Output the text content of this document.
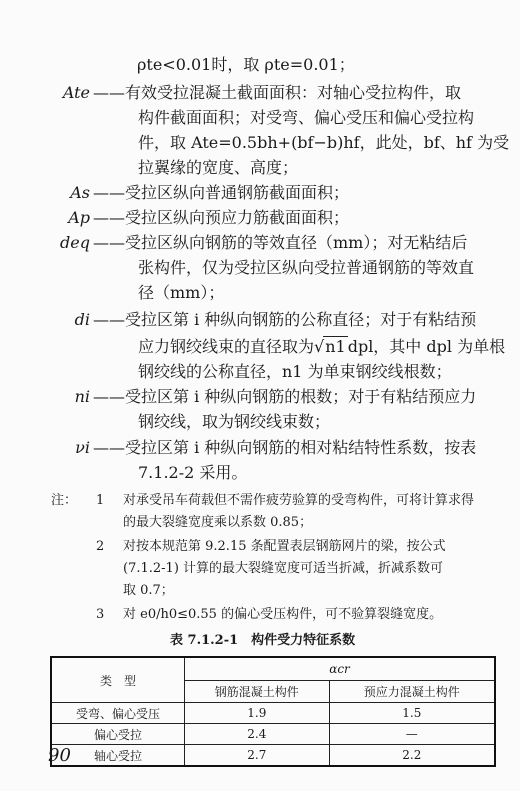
ρte<0.01时，取 ρte=0.01；
Ate ——有效受拉混凝土截面面积：对轴心受拉构件，取
构件截面面积；对受弯、偏心受压和偏心受拉构
件，取 Ate=0.5bh+(bf−b)hf，此处，bf、hf 为受
拉翼缘的宽度、高度；
As ——受拉区纵向普通钢筋截面面积；
Ap ——受拉区纵向预应力筋截面面积；
deq ——受拉区纵向钢筋的等效直径（mm）；对无粘结后
张构件，仅为受拉区纵向受拉普通钢筋的等效直
径（mm）；
di ——受拉区第 i 种纵向钢筋的公称直径；对于有粘结预
应力钢绞线束的直径取为√n1 dpl，其中 dpl 为单根
钢绞线的公称直径，n1 为单束钢绞线根数；
ni ——受拉区第 i 种纵向钢筋的根数；对于有粘结预应力
钢绞线，取为钢绞线束数；
νi ——受拉区第 i 种纵向钢筋的相对粘结特性系数，按表
7.1.2-2 采用。
注： 1 对承受吊车荷载但不需作疲劳验算的受弯构件，可将计算求得
的最大裂缝宽度乘以系数 0.85；
2 对按本规范第 9.2.15 条配置表层钢筋网片的梁，按公式
(7.1.2-1) 计算的最大裂缝宽度可适当折减，折减系数可
取 0.7；
3 对 e0/h0≤0.55 的偏心受压构件，可不验算裂缝宽度。
表 7.1.2-1　构件受力特征系数
类　型	αcr	
	钢筋混凝土构件	预应力混凝土构件
受弯、偏心受压	1.9	1.5
偏心受拉	2.4	—
轴心受拉	2.7	2.2
90
